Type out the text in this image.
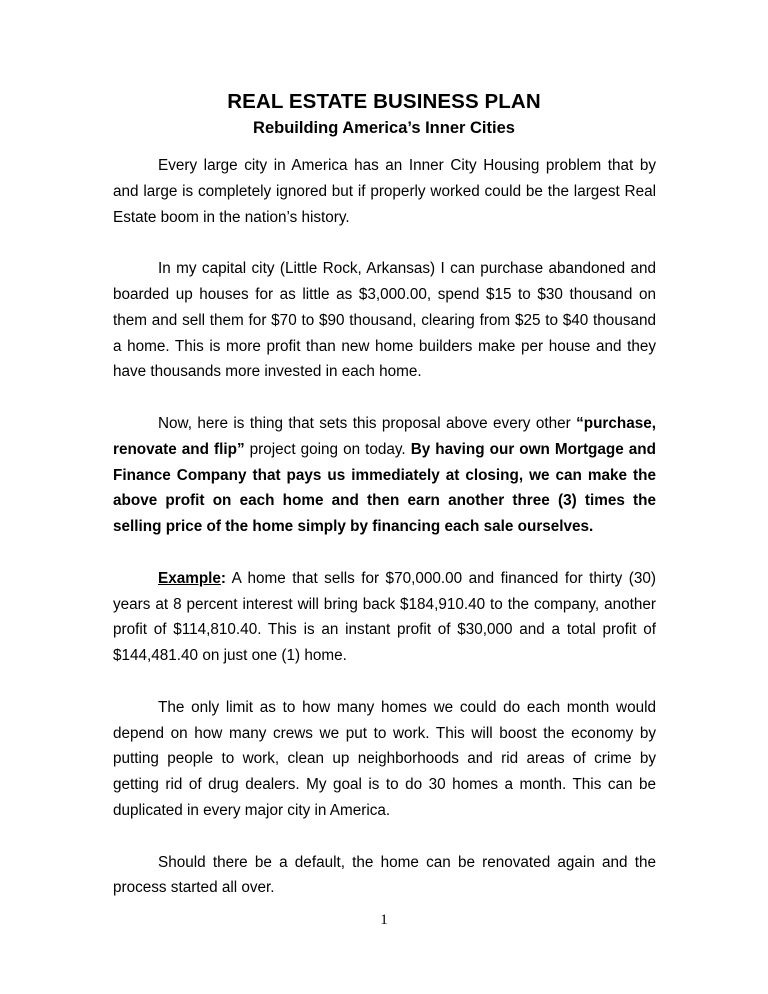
REAL ESTATE BUSINESS PLAN
Rebuilding America’s Inner Cities

Every large city in America has an Inner City Housing problem that by and large is completely ignored but if properly worked could be the largest Real Estate boom in the nation’s history.

In my capital city (Little Rock, Arkansas) I can purchase abandoned and boarded up houses for as little as $3,000.00, spend $15 to $30 thousand on them and sell them for $70 to $90 thousand, clearing from $25 to $40 thousand a home. This is more profit than new home builders make per house and they have thousands more invested in each home.

Now, here is thing that sets this proposal above every other “purchase, renovate and flip” project going on today. By having our own Mortgage and Finance Company that pays us immediately at closing, we can make the above profit on each home and then earn another three (3) times the selling price of the home simply by financing each sale ourselves.

Example: A home that sells for $70,000.00 and financed for thirty (30) years at 8 percent interest will bring back $184,910.40 to the company, another profit of $114,810.40. This is an instant profit of $30,000 and a total profit of $144,481.40 on just one (1) home.

The only limit as to how many homes we could do each month would depend on how many crews we put to work. This will boost the economy by putting people to work, clean up neighborhoods and rid areas of crime by getting rid of drug dealers. My goal is to do 30 homes a month. This can be duplicated in every major city in America.

Should there be a default, the home can be renovated again and the process started all over.

1
